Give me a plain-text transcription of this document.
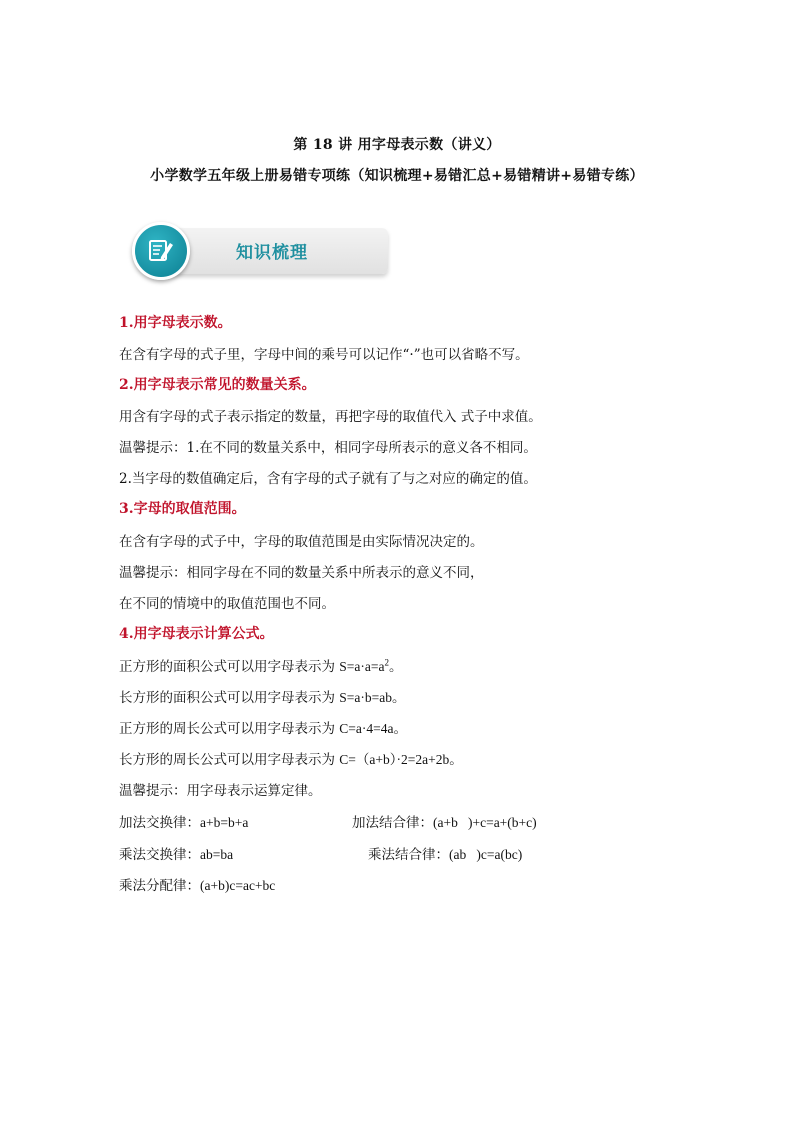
第 18 讲 用字母表示数（讲义）
小学数学五年级上册易错专项练（知识梳理+易错汇总+易错精讲+易错专练）
知识梳理
1.用字母表示数。
在含有字母的式子里，字母中间的乘号可以记作“·”也可以省略不写。
2.用字母表示常见的数量关系。
用含有字母的式子表示指定的数量，再把字母的取值代入 式子中求值。
温馨提示：1.在不同的数量关系中，相同字母所表示的意义各不相同。
2.当字母的数值确定后，含有字母的式子就有了与之对应的确定的值。
3.字母的取值范围。
在含有字母的式子中，字母的取值范围是由实际情况决定的。
温馨提示：相同字母在不同的数量关系中所表示的意义不同，
在不同的情境中的取值范围也不同。
4.用字母表示计算公式。
正方形的面积公式可以用字母表示为 $S=a\cdot a=a^2$。
长方形的面积公式可以用字母表示为 S=a·b=ab。
正方形的周长公式可以用字母表示为 C=a·4=4a。
长方形的周长公式可以用字母表示为 C=（a+b）·2=2a+2b。
温馨提示：用字母表示运算定律。
加法交换律：a+b=b+a	加法结合律：(a+b   )+c=a+(b+c)
乘法交换律：ab=ba	乘法结合律：(ab   )c=a(bc)
乘法分配律：(a+b)c=ac+bc
